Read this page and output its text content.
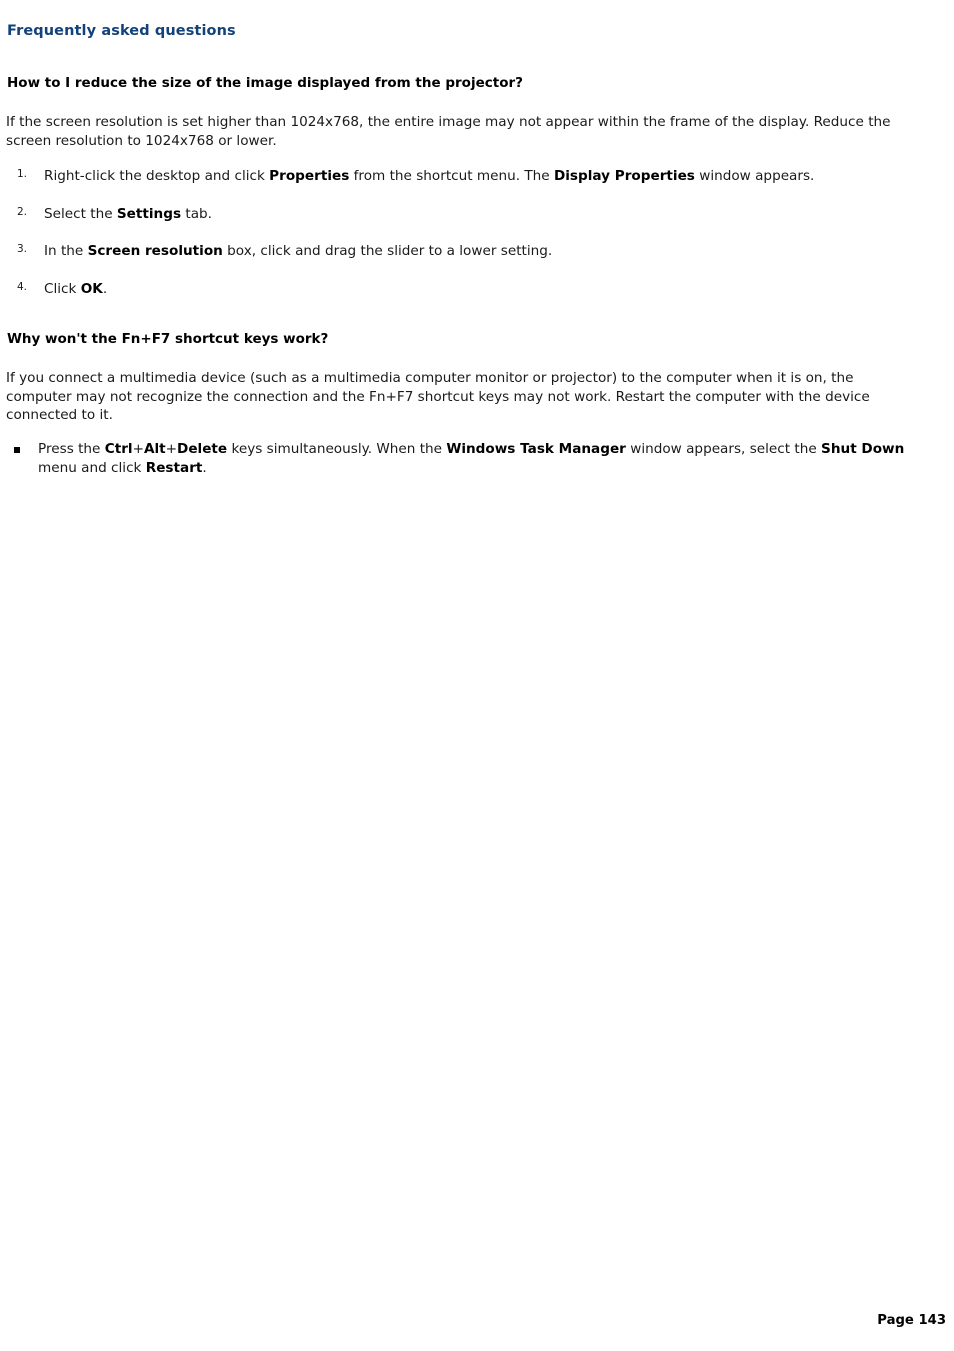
Frequently asked questions
How to I reduce the size of the image displayed from the projector?
If the screen resolution is set higher than 1024x768, the entire image may not appear within the frame of the display. Reduce the screen resolution to 1024x768 or lower.
1. Right-click the desktop and click Properties from the shortcut menu. The Display Properties window appears.
2. Select the Settings tab.
3. In the Screen resolution box, click and drag the slider to a lower setting.
4. Click OK.
Why won't the Fn+F7 shortcut keys work?
If you connect a multimedia device (such as a multimedia computer monitor or projector) to the computer when it is on, the computer may not recognize the connection and the Fn+F7 shortcut keys may not work. Restart the computer with the device connected to it.
Press the Ctrl+Alt+Delete keys simultaneously. When the Windows Task Manager window appears, select the Shut Down menu and click Restart.
Page 143
